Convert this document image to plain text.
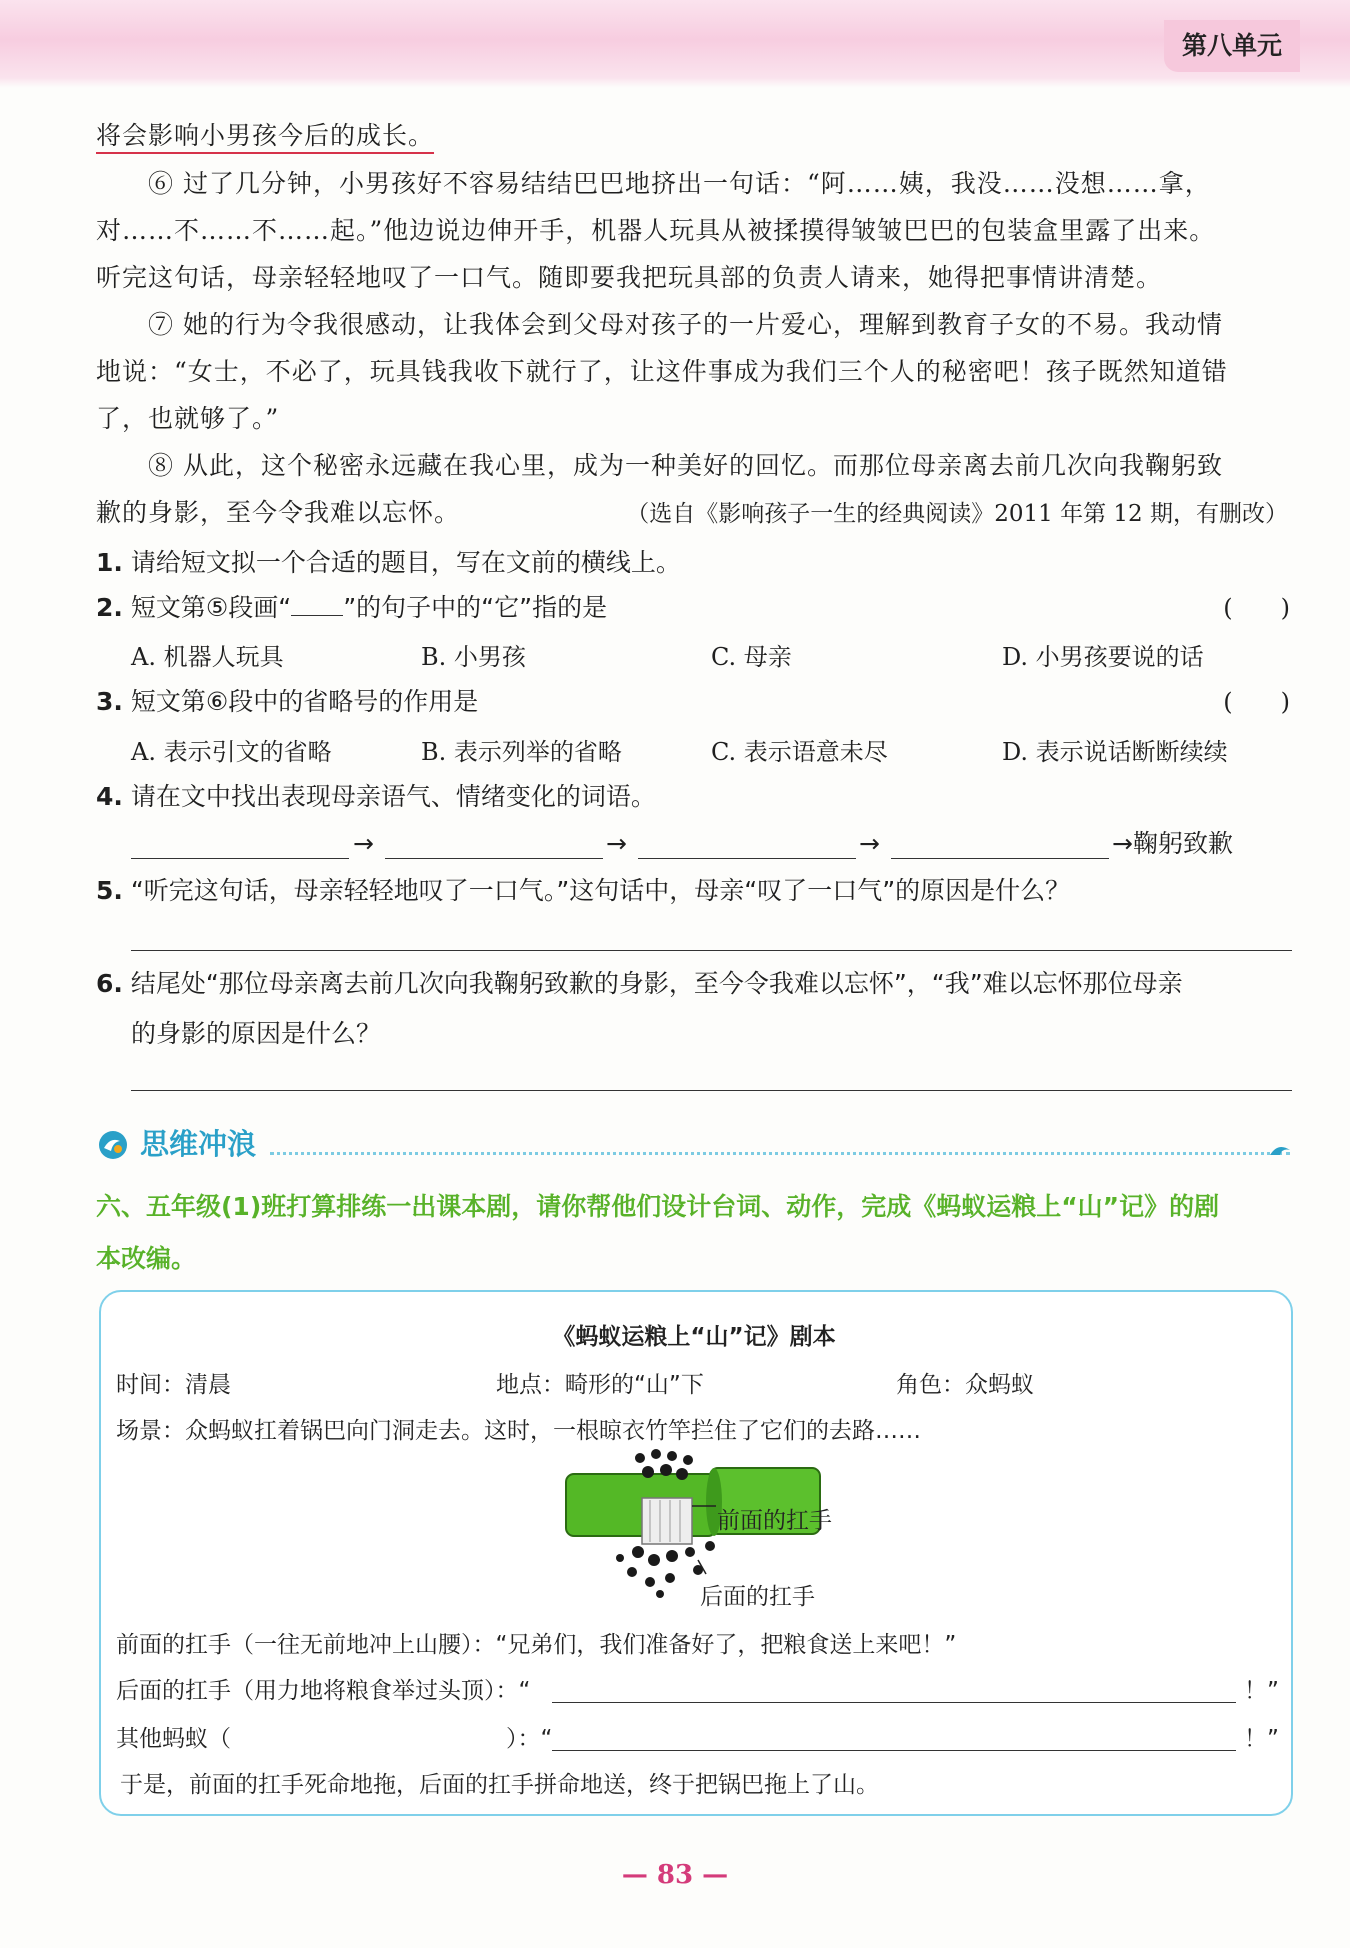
第八单元
将会影响小男孩今后的成长。
⑥ 过了几分钟，小男孩好不容易结结巴巴地挤出一句话：“阿……姨，我没……没想……拿，
对……不……不……起。”他边说边伸开手，机器人玩具从被揉摸得皱皱巴巴的包装盒里露了出来。
听完这句话，母亲轻轻地叹了一口气。随即要我把玩具部的负责人请来，她得把事情讲清楚。
⑦ 她的行为令我很感动，让我体会到父母对孩子的一片爱心，理解到教育子女的不易。我动情
地说：“女士，不必了，玩具钱我收下就行了，让这件事成为我们三个人的秘密吧！孩子既然知道错
了，也就够了。”
⑧ 从此，这个秘密永远藏在我心里，成为一种美好的回忆。而那位母亲离去前几次向我鞠躬致
歉的身影，至今令我难以忘怀。	（选自《影响孩子一生的经典阅读》2011 年第 12 期，有删改）
1. 请给短文拟一个合适的题目，写在文前的横线上。
2. 短文第⑤段画“ ”的句子中的“它”指的是	(　　)
A. 机器人玩具	B. 小男孩	C. 母亲	D. 小男孩要说的话
3. 短文第⑥段中的省略号的作用是	(　　)
A. 表示引文的省略	B. 表示列举的省略	C. 表示语意未尽	D. 表示说话断断续续
4. 请在文中找出表现母亲语气、情绪变化的词语。
→	→	→	→鞠躬致歉
5. “听完这句话，母亲轻轻地叹了一口气。”这句话中，母亲“叹了一口气”的原因是什么？
6. 结尾处“那位母亲离去前几次向我鞠躬致歉的身影，至今令我难以忘怀”，“我”难以忘怀那位母亲
的身影的原因是什么？
思维冲浪
六、五年级(1)班打算排练一出课本剧，请你帮他们设计台词、动作，完成《蚂蚁运粮上“山”记》的剧
本改编。
《蚂蚁运粮上“山”记》剧本
时间：清晨	地点：畸形的“山”下	角色：众蚂蚁
场景：众蚂蚁扛着锅巴向门洞走去。这时，一根晾衣竹竿拦住了它们的去路……
前面的扛手
后面的扛手
前面的扛手（一往无前地冲上山腰）：“兄弟们，我们准备好了，把粮食送上来吧！”
后面的扛手（用力地将粮食举过头顶）：“	！”
其他蚂蚁（	）：“	！”
于是，前面的扛手死命地拖，后面的扛手拼命地送，终于把锅巴拖上了山。
— 83 —
